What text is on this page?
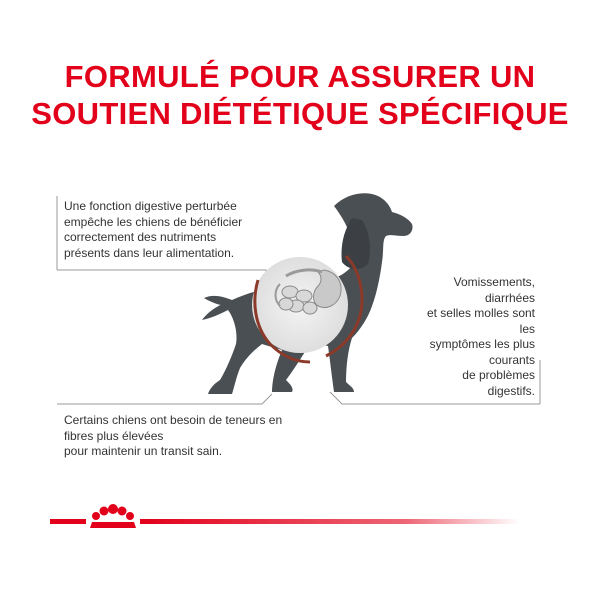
FORMULÉ POUR ASSURER UN
SOUTIEN DIÉTÉTIQUE SPÉCIFIQUE

Une fonction digestive perturbée
empêche les chiens de bénéficier
correctement des nutriments
présents dans leur alimentation.

Vomissements,
diarrhées
et selles molles sont
les
symptômes les plus
courants
de problèmes
digestifs.

Certains chiens ont besoin de teneurs en
fibres plus élevées
pour maintenir un transit sain.
